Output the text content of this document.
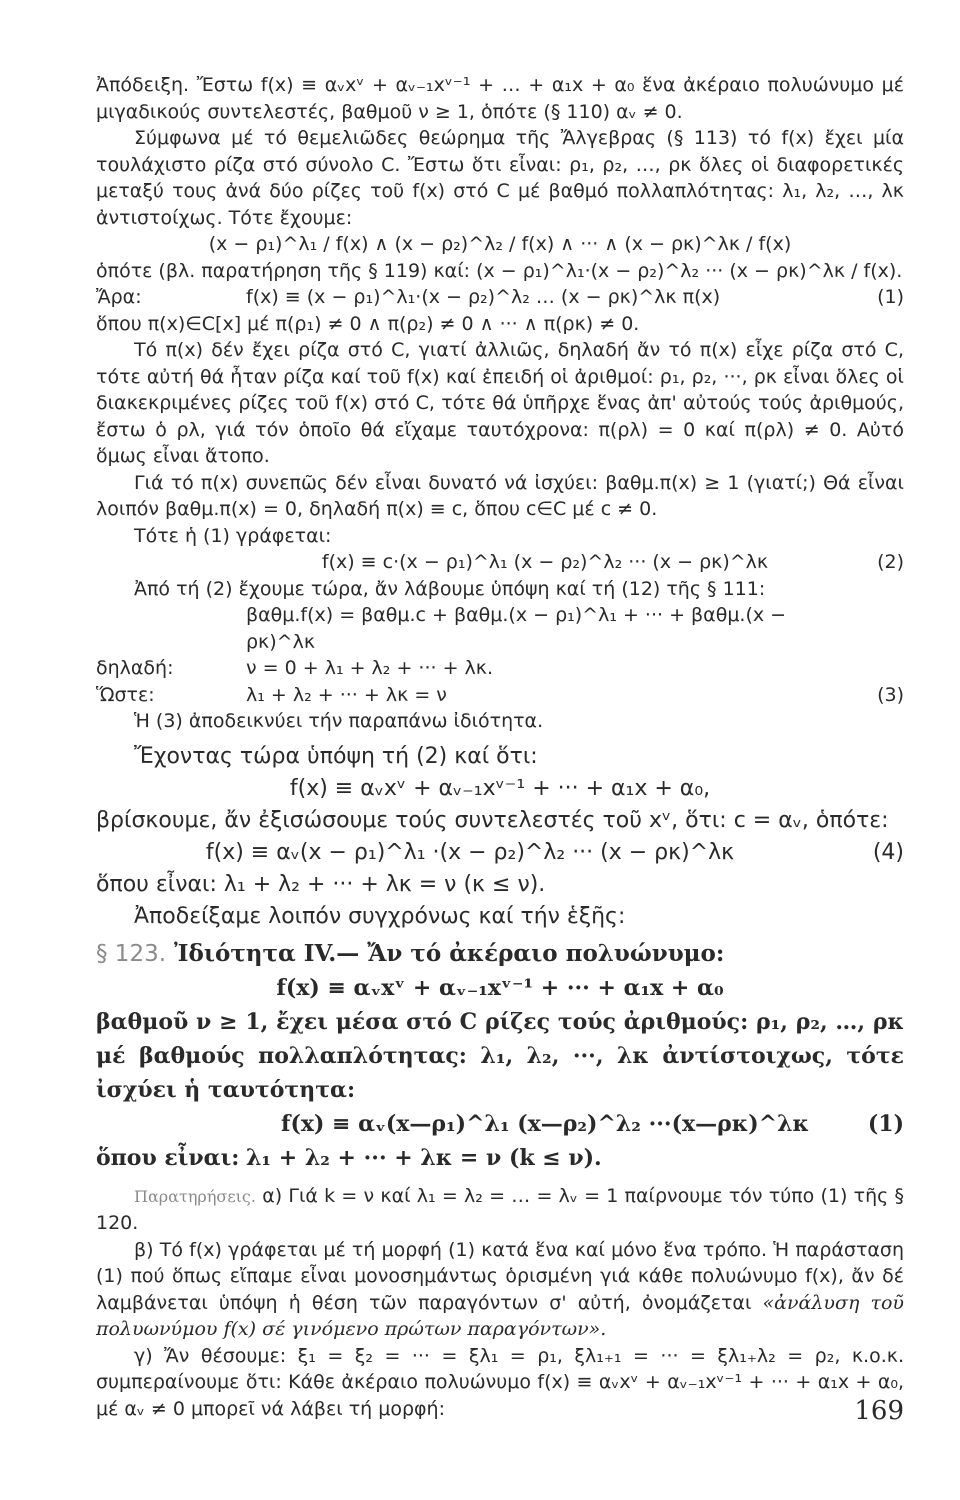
Ἀπόδειξη. Ἔστω f(x) ≡ αᵥxᵛ + αᵥ₋₁xᵛ⁻¹ + … + α₁x + α₀ ἕνα ἀκέραιο πολυώνυμο μέ μιγαδικούς συντελεστές, βαθμοῦ ν ≥ 1, ὁπότε (§ 110) αᵥ ≠ 0.

Σύμφωνα μέ τό θεμελιῶδες θεώρημα τῆς Ἄλγεβρας (§ 113) τό f(x) ἔχει μία τουλάχιστο ρίζα στό σύνολο C. Ἔστω ὅτι εἶναι: ρ₁, ρ₂, …, ρκ ὅλες οἱ διαφορετικές μεταξύ τους ἀνά δύο ρίζες τοῦ f(x) στό C μέ βαθμό πολλαπλότητας: λ₁, λ₂, …, λκ ἀντιστοίχως. Τότε ἔχουμε:

(x − ρ₁)^λ₁ / f(x) ∧ (x − ρ₂)^λ₂ / f(x) ∧ ··· ∧ (x − ρκ)^λκ / f(x)

ὁπότε (βλ. παρατήρηση τῆς § 119) καί: (x − ρ₁)^λ₁·(x − ρ₂)^λ₂ ··· (x − ρκ)^λκ / f(x).

Ἄρα:	f(x) ≡ (x − ρ₁)^λ₁·(x − ρ₂)^λ₂ … (x − ρκ)^λκ π(x)	(1)

ὅπου π(x)∈C[x] μέ π(ρ₁) ≠ 0 ∧ π(ρ₂) ≠ 0 ∧ ··· ∧ π(ρκ) ≠ 0.

Τό π(x) δέν ἔχει ρίζα στό C, γιατί ἀλλιῶς, δηλαδή ἄν τό π(x) εἶχε ρίζα στό C, τότε αὐτή θά ἦταν ρίζα καί τοῦ f(x) καί ἐπειδή οἱ ἀριθμοί: ρ₁, ρ₂, ···, ρκ εἶναι ὅλες οἱ διακεκριμένες ρίζες τοῦ f(x) στό C, τότε θά ὑπῆρχε ἕνας ἀπ' αὐτούς τούς ἀριθμούς, ἔστω ὁ ρλ, γιά τόν ὁποῖο θά εἴχαμε ταυτόχρονα: π(ρλ) = 0 καί π(ρλ) ≠ 0. Αὐτό ὅμως εἶναι ἄτοπο.

Γιά τό π(x) συνεπῶς δέν εἶναι δυνατό νά ἰσχύει: βαθμ.π(x) ≥ 1 (γιατί;) Θά εἶναι λοιπόν βαθμ.π(x) = 0, δηλαδή π(x) ≡ c, ὅπου c∈C μέ c ≠ 0.

Τότε ἡ (1) γράφεται:

f(x) ≡ c·(x − ρ₁)^λ₁ (x − ρ₂)^λ₂ ··· (x − ρκ)^λκ	(2)

Ἀπό τή (2) ἔχουμε τώρα, ἄν λάβουμε ὑπόψη καί τή (12) τῆς § 111:

βαθμ.f(x) = βαθμ.c + βαθμ.(x − ρ₁)^λ₁ + ··· + βαθμ.(x − ρκ)^λκ
δηλαδή:	ν = 0 + λ₁ + λ₂ + ··· + λκ.
Ὥστε:	λ₁ + λ₂ + ··· + λκ = ν	(3)

Ἡ (3) ἀποδεικνύει τήν παραπάνω ἰδιότητα.

Ἔχοντας τώρα ὑπόψη τή (2) καί ὅτι:

f(x) ≡ αᵥxᵛ + αᵥ₋₁xᵛ⁻¹ + ··· + α₁x + α₀,

βρίσκουμε, ἄν ἐξισώσουμε τούς συντελεστές τοῦ xᵛ, ὅτι: c = αᵥ, ὁπότε:

f(x) ≡ αᵥ(x − ρ₁)^λ₁ ·(x − ρ₂)^λ₂ ··· (x − ρκ)^λκ	(4)

ὅπου εἶναι: λ₁ + λ₂ + ··· + λκ = ν (κ ≤ ν).

Ἀποδείξαμε λοιπόν συγχρόνως καί τήν ἑξῆς:

§ 123. Ἰδιότητα IV.— Ἄν τό ἀκέραιο πολυώνυμο:
f(x) ≡ αᵥxᵛ + αᵥ₋₁xᵛ⁻¹ + ··· + α₁x + α₀

βαθμοῦ ν ≥ 1, ἔχει μέσα στό C ρίζες τούς ἀριθμούς: ρ₁, ρ₂, …, ρκ μέ βαθμούς πολλαπλότητας: λ₁, λ₂, ···, λκ ἀντίστοιχως, τότε ἰσχύει ἡ ταυτότητα:

f(x) ≡ αᵥ(x—ρ₁)^λ₁ (x—ρ₂)^λ₂ ···(x—ρκ)^λκ	(1)
ὅπου εἶναι: λ₁ + λ₂ + ··· + λκ = ν (k ≤ ν).

Παρατηρήσεις. α) Γιά k = ν καί λ₁ = λ₂ = … = λᵥ = 1 παίρνουμε τόν τύπο (1) τῆς § 120.

β) Τό f(x) γράφεται μέ τή μορφή (1) κατά ἕνα καί μόνο ἕνα τρόπο. Ἡ παράσταση (1) πού ὅπως εἴπαμε εἶναι μονοσημάντως ὁρισμένη γιά κάθε πολυώνυμο f(x), ἄν δέ λαμβάνεται ὑπόψη ἡ θέση τῶν παραγόντων σ' αὐτή, ὀνομάζεται «ἀνάλυση τοῦ πολυωνύμου f(x) σέ γινόμενο πρώτων παραγόντων».

γ) Ἄν θέσουμε: ξ₁ = ξ₂ = ··· = ξλ₁ = ρ₁, ξλ₁₊₁ = ··· = ξλ₁₊λ₂ = ρ₂, κ.ο.κ. συμπεραίνουμε ὅτι: Κάθε ἀκέραιο πολυώνυμο f(x) ≡ αᵥxᵛ + αᵥ₋₁xᵛ⁻¹ + ··· + α₁x + α₀, μέ αᵥ ≠ 0 μπορεῖ νά λάβει τή μορφή:	169
